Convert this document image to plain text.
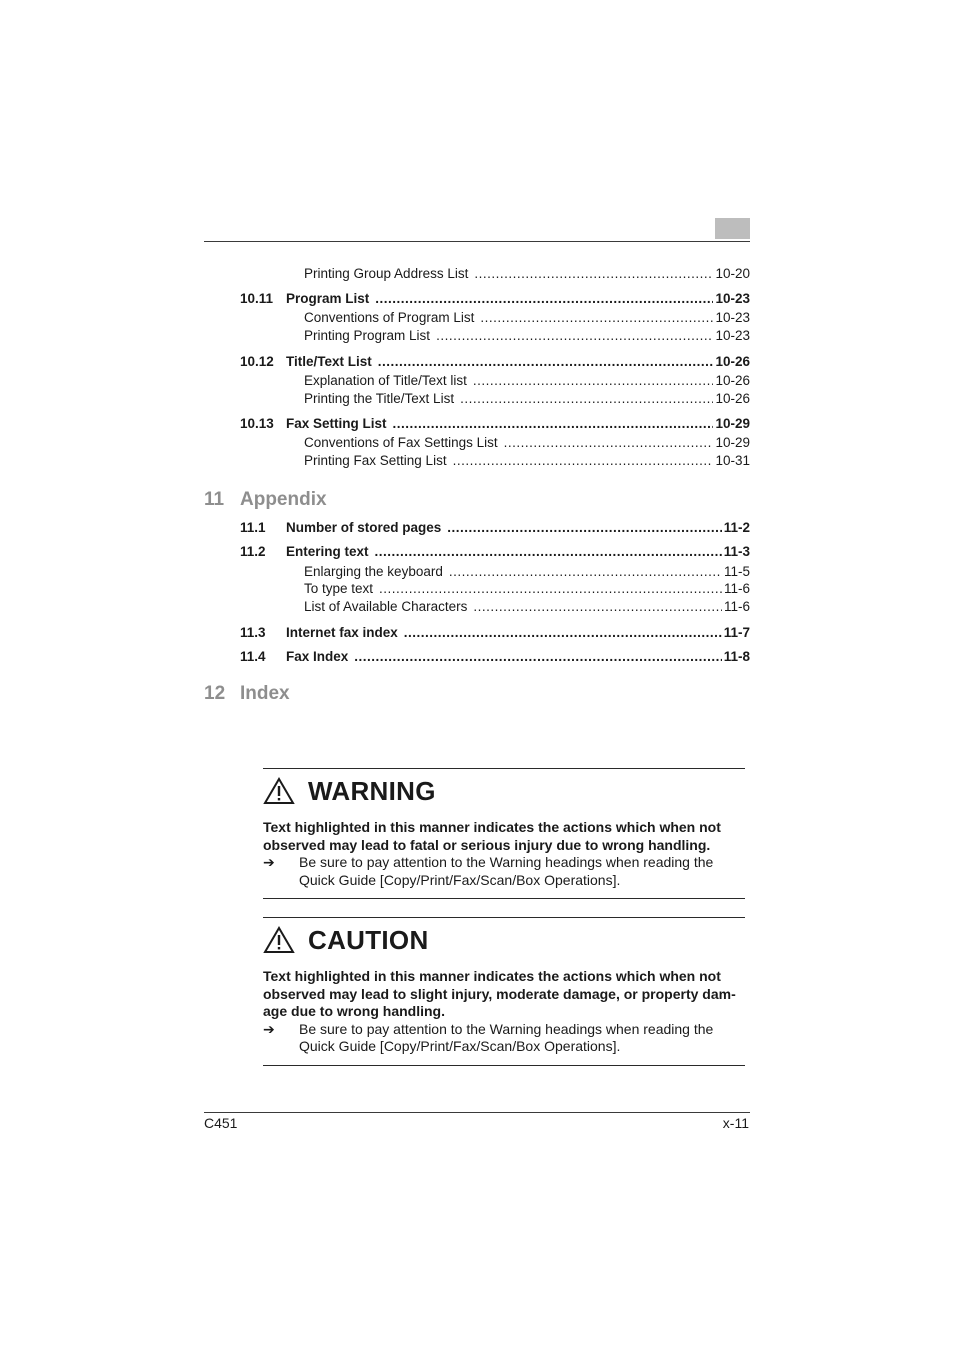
Printing Group Address List .....	10-20
10.11 Program List .....	10-23
Conventions of Program List .....	10-23
Printing Program List .....	10-23
10.12 Title/Text List .....	10-26
Explanation of Title/Text list .....	10-26
Printing the Title/Text List .....	10-26
10.13 Fax Setting List .....	10-29
Conventions of Fax Settings List .....	10-29
Printing Fax Setting List .....	10-31
11 Appendix
11.1	Number of stored pages .....	11-2
11.2	Entering text .....	11-3
Enlarging the keyboard .....	11-5
To type text .....	11-6
List of Available Characters .....	11-6
11.3	Internet fax index .....	11-7
11.4	Fax Index .....	11-8
12 Index
WARNING
Text highlighted in this manner indicates the actions which when not
observed may lead to fatal or serious injury due to wrong handling.
➔	Be sure to pay attention to the Warning headings when reading the
Quick Guide [Copy/Print/Fax/Scan/Box Operations].
CAUTION
Text highlighted in this manner indicates the actions which when not
observed may lead to slight injury, moderate damage, or property dam-
age due to wrong handling.
➔	Be sure to pay attention to the Warning headings when reading the
Quick Guide [Copy/Print/Fax/Scan/Box Operations].
C451	x-11
